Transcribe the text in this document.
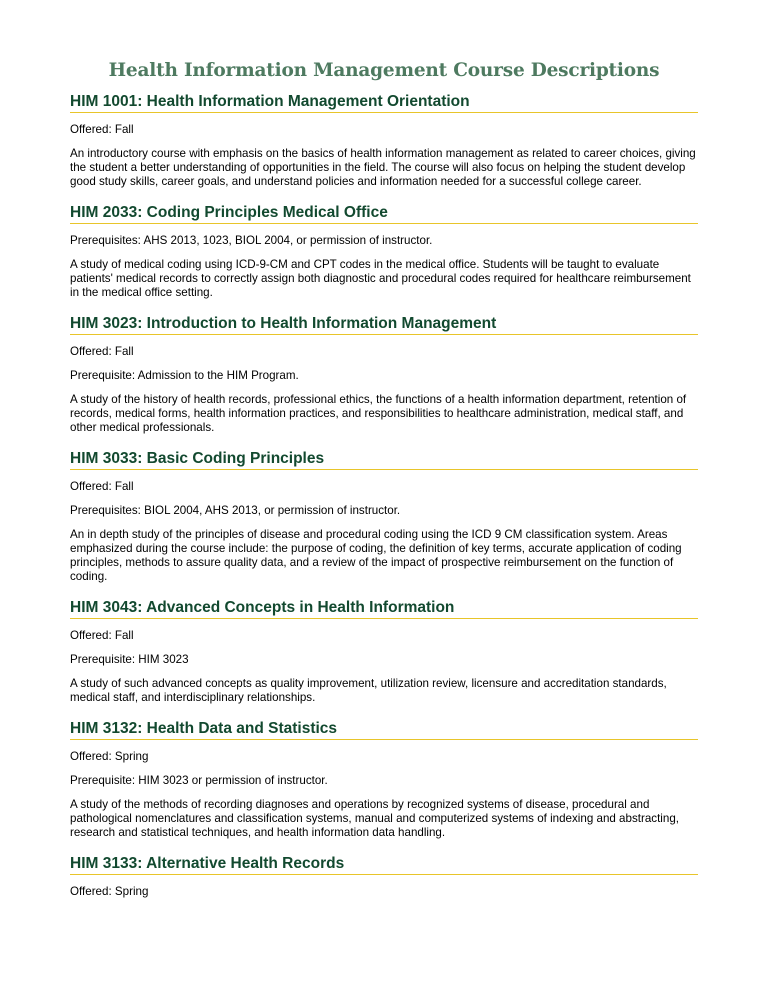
Health Information Management Course Descriptions
HIM 1001: Health Information Management Orientation

Offered: Fall

An introductory course with emphasis on the basics of health information management as related to career choices, giving the student a better understanding of opportunities in the field. The course will also focus on helping the student develop good study skills, career goals, and understand policies and information needed for a successful college career.

HIM 2033: Coding Principles Medical Office

Prerequisites: AHS 2013, 1023, BIOL 2004, or permission of instructor.

A study of medical coding using ICD-9-CM and CPT codes in the medical office. Students will be taught to evaluate patients' medical records to correctly assign both diagnostic and procedural codes required for healthcare reimbursement in the medical office setting.

HIM 3023: Introduction to Health Information Management

Offered: Fall

Prerequisite: Admission to the HIM Program.

A study of the history of health records, professional ethics, the functions of a health information department, retention of records, medical forms, health information practices, and responsibilities to healthcare administration, medical staff, and other medical professionals.

HIM 3033: Basic Coding Principles

Offered: Fall

Prerequisites: BIOL 2004, AHS 2013, or permission of instructor.

An in depth study of the principles of disease and procedural coding using the ICD 9 CM classification system. Areas emphasized during the course include: the purpose of coding, the definition of key terms, accurate application of coding principles, methods to assure quality data, and a review of the impact of prospective reimbursement on the function of coding.

HIM 3043: Advanced Concepts in Health Information

Offered: Fall

Prerequisite: HIM 3023

A study of such advanced concepts as quality improvement, utilization review, licensure and accreditation standards, medical staff, and interdisciplinary relationships.

HIM 3132: Health Data and Statistics

Offered: Spring

Prerequisite: HIM 3023 or permission of instructor.

A study of the methods of recording diagnoses and operations by recognized systems of disease, procedural and pathological nomenclatures and classification systems, manual and computerized systems of indexing and abstracting, research and statistical techniques, and health information data handling.

HIM 3133: Alternative Health Records

Offered: Spring
